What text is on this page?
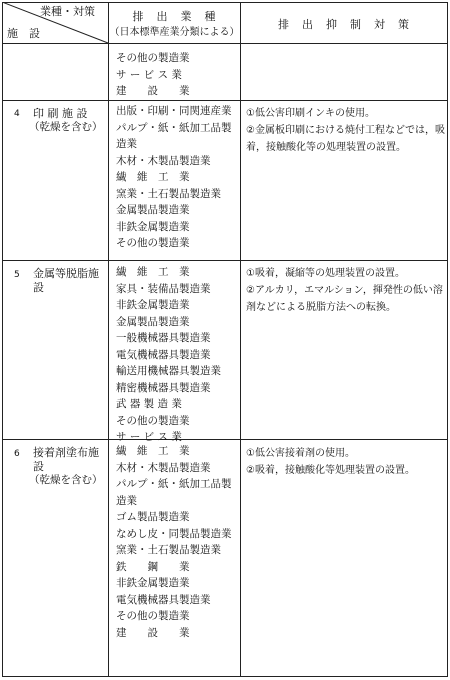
業種・対策
施　設
排　出　業　種
（日本標準産業分類による）
排　出　抑　制　対　策
その他の製造業
サ ー ビ ス 業
建　　設　　業
4 印 刷 施 設
（乾燥を含む）
出版・印刷・同関連産業
パルプ・紙・紙加工品製
造業
木材・木製品製造業
繊　維　工　業
窯業・土石製品製造業
金属製品製造業
非鉄金属製造業
その他の製造業
①低公害印刷インキの使用。
②金属板印刷における焼付工程などでは，吸着，接触酸化等の処理装置の設置。
5 金属等脱脂施
設
繊　維　工　業
家具・装備品製造業
非鉄金属製造業
金属製品製造業
一般機械器具製造業
電気機械器具製造業
輸送用機械器具製造業
精密機械器具製造業
武 器 製 造 業
その他の製造業
サ ー ビ ス 業
①吸着，凝縮等の処理装置の設置。
②アルカリ，エマルション，揮発性の低い溶剤などによる脱脂方法への転換。
6 接着剤塗布施
設
（乾燥を含む）
繊　維　工　業
木材・木製品製造業
パルプ・紙・紙加工品製
造業
ゴム製品製造業
なめし皮・同製品製造業
窯業・土石製品製造業
鉄　　鋼　　業
非鉄金属製造業
電気機械器具製造業
その他の製造業
建　　設　　業
①低公害接着剤の使用。
②吸着，接触酸化等処理装置の設置。
